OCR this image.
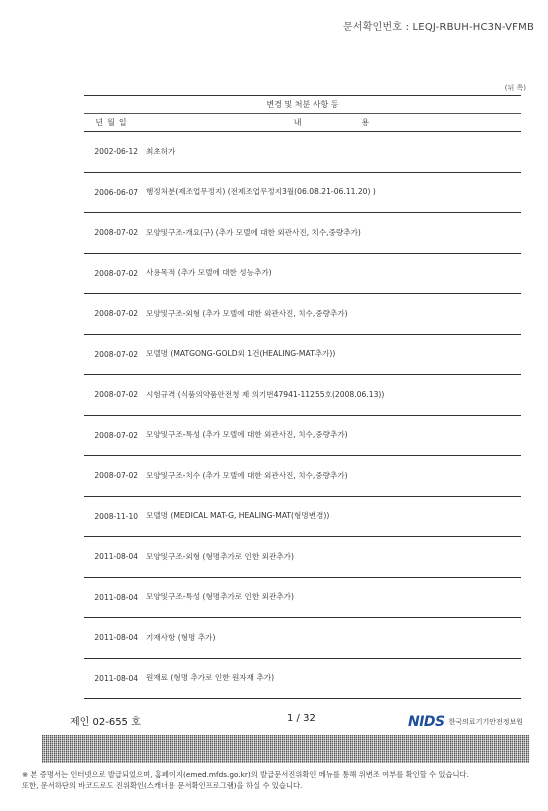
문서확인번호 : LEQJ-RBUH-HC3N-VFMB
(뒤 쪽)
변경 및 처분 사항 등
년월일	내용
2002-06-12	최초허가
2006-06-07	행정처분(제조업무정지) (전제조업무정지3월(06.08.21-06.11.20) )
2008-07-02	모양및구조-개요(구) (추가 모델에 대한 외관사진, 치수,중량추가)
2008-07-02	사용목적 (추가 모델에 대한 성능추가)
2008-07-02	모양및구조-외형 (추가 모델에 대한 외관사진, 치수,중량추가)
2008-07-02	모델명 (MATGONG-GOLD외 1건(HEALING-MAT추가))
2008-07-02	시험규격 (식품의약품안전청 제 의기번47941-11255호(2008.06.13))
2008-07-02	모양및구조-특성 (추가 모델에 대한 외관사진, 치수,중량추가)
2008-07-02	모양및구조-치수 (추가 모델에 대한 외관사진, 치수,중량추가)
2008-11-10	모델명 (MEDICAL MAT-G, HEALING-MAT(형명변경))
2011-08-04	모양및구조-외형 (형명추가로 인한 외관추가)
2011-08-04	모양및구조-특성 (형명추가로 인한 외관추가)
2011-08-04	기재사항 (형명 추가)
2011-08-04	원재료 (형명 추가로 인한 원자재 추가)
제인 02-655 호	1 / 32	NIDS 한국의료기기안전정보원
※ 본 증명서는 인터넷으로 발급되었으며, 홈페이지(emed.mfds.go.kr)의 발급문서진위확인 메뉴를 통해 위변조 여부를 확인할 수 있습니다.
또한, 문서하단의 바코드로도 진위확인(스캐너용 문서확인프로그램)을 하실 수 있습니다.
